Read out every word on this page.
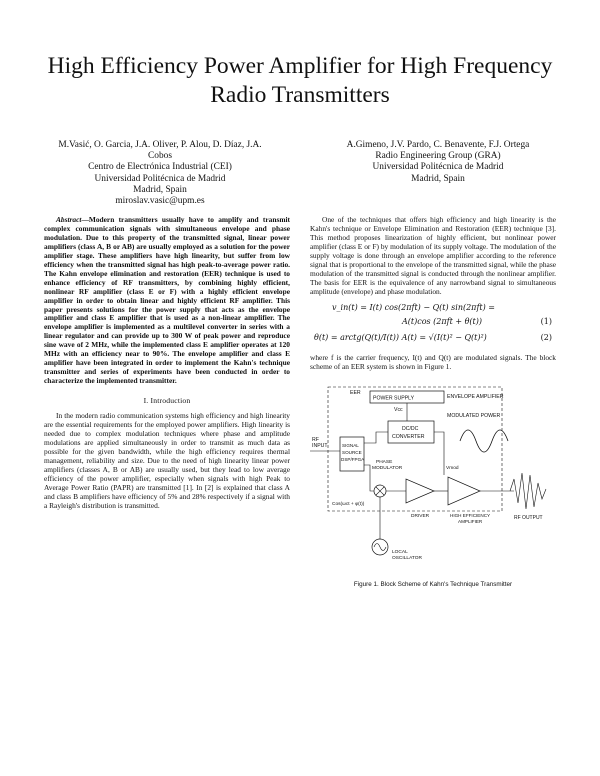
High Efficiency Power Amplifier for High Frequency
Radio Transmitters
M.Vasić, O. Garcia, J.A. Oliver, P. Alou, D. Díaz, J.A.
Cobos
Centro de Electrónica Industrial (CEI)
Universidad Politécnica de Madrid
Madrid, Spain
miroslav.vasic@upm.es
A.Gimeno, J.V. Pardo, C. Benavente, F.J. Ortega
Radio Engineering Group (GRA)
Universidad Politécnica de Madrid
Madrid, Spain

Abstract—Modern transmitters usually have to amplify and transmit complex communication signals with simultaneous envelope and phase modulation. Due to this property of the transmitted signal, linear power amplifiers (class A, B or AB) are usually employed as a solution for the power amplifier stage. These amplifiers have high linearity, but suffer from low efficiency when the transmitted signal has high peak-to-average power ratio. The Kahn envelope elimination and restoration (EER) technique is used to enhance efficiency of RF transmitters, by combining highly efficient, nonlinear RF amplifier (class E or F) with a highly efficient envelope amplifier in order to obtain linear and highly efficient RF amplifier. This paper presents solutions for the power supply that acts as the envelope amplifier and class E amplifier that is used as a non-linear amplifier. The envelope amplifier is implemented as a multilevel converter in series with a linear regulator and can provide up to 300 W of peak power and reproduce sine wave of 2 MHz, while the implemented class E amplifier operates at 120 MHz with an efficiency near to 90%. The envelope amplifier and class E amplifier have been integrated in order to implement the Kahn's technique transmitter and series of experiments have been conducted in order to characterize the implemented transmitter.

I. Introduction

In the modern radio communication systems high efficiency and high linearity are the essential requirements for the employed power amplifiers. High linearity is needed due to complex modulation techniques where phase and amplitude modulations are applied simultaneously in order to transmit as much data as possible for the given bandwidth, while the high efficiency requires thermal management, reliability and size. Due to the need of high linearity linear power amplifiers (classes A, B or AB) are usually used, but they lead to low average efficiency of the power amplifier, especially when signals with high Peak to Average Power Ratio (PAPR) are transmitted [1]. In [2] is explained that class A and class B amplifiers have efficiency of 5% and 28% respectively if a signal with a Rayleigh's distribution is transmitted.

One of the techniques that offers high efficiency and high linearity is the Kahn's technique or Envelope Elimination and Restoration (EER) technique [3]. This method proposes linearization of highly efficient, but nonlinear power amplifier (class E or F) by modulation of its supply voltage. The modulation of the supply voltage is done through an envelope amplifier according to the reference signal that is proportional to the envelope of the transmitted signal, while the phase modulation of the transmitted signal is conducted through the nonlinear amplifier. The basis for EER is the equivalence of any narrowband signal to simultaneous amplitude (envelope) and phase modulation.

v_in(t) = I(t) cos(2πft) − Q(t) sin(2πft) =
A(t)cos (2πft + θ(t))	(1)
θ(t) = arctg(Q(t)/I(t)) A(t) = √(I(t)² − Q(t)²)	(2)

where f is the carrier frequency, I(t) and Q(t) are modulated signals. The block scheme of an EER system is shown in Figure 1.

EER
POWER SUPPLY
Vcc
ENVELOPE AMPLIFIER
DC/DC
CONVERTER
MODULATED POWER
RF
INPUT	SIGNAL
SOURCE
DSP/FPGA
Vmod
PHASE
MODULATOR
Cos(ωct + φ(t))
DRIVER	HIGH EFFICIENCY
AMPLIFIER
RF OUTPUT
LOCAL
OSCILLATOR
Figure 1. Block Scheme of Kahn's Technique Transmitter
